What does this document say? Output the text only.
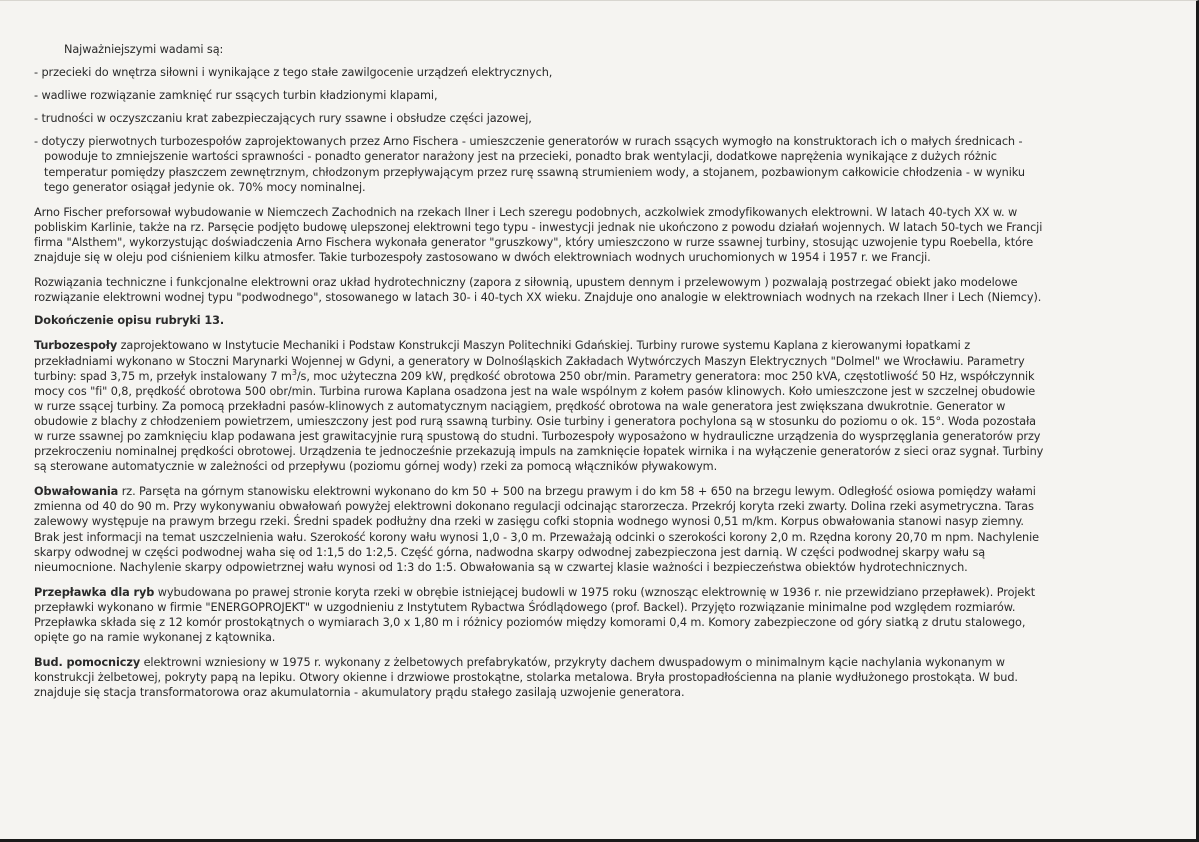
Najważniejszymi wadami są:
- przecieki do wnętrza siłowni i wynikające z tego stałe zawilgocenie urządzeń elektrycznych,
- wadliwe rozwiązanie zamknięć rur ssących turbin kładzionymi klapami,
- trudności w oczyszczaniu krat zabezpieczających rury ssawne i obsłudze części jazowej,
- dotyczy pierwotnych turbozespołów zaprojektowanych przez Arno Fischera - umieszczenie generatorów w rurach ssących wymogło na konstruktorach ich o małych średnicach -
powoduje to zmniejszenie wartości sprawności - ponadto generator narażony jest na przecieki, ponadto brak wentylacji, dodatkowe naprężenia wynikające z dużych różnic
temperatur pomiędzy płaszczem zewnętrznym, chłodzonym przepływającym przez rurę ssawną strumieniem wody, a stojanem, pozbawionym całkowicie chłodzenia - w wyniku
tego generator osiągał jedynie ok. 70% mocy nominalnej.
Arno Fischer preforsował wybudowanie w Niemczech Zachodnich na rzekach Ilner i Lech szeregu podobnych, aczkolwiek zmodyfikowanych elektrowni. W latach 40-tych XX w. w
pobliskim Karlinie, także na rz. Parsęcie podjęto budowę ulepszonej elektrowni tego typu - inwestycji jednak nie ukończono z powodu działań wojennych. W latach 50-tych we Francji
firma "Alsthem", wykorzystując doświadczenia Arno Fischera wykonała generator "gruszkowy", który umieszczono w rurze ssawnej turbiny, stosując uzwojenie typu Roebella, które
znajduje się w oleju pod ciśnieniem kilku atmosfer. Takie turbozespoły zastosowano w dwóch elektrowniach wodnych uruchomionych w 1954 i 1957 r. we Francji.
Rozwiązania techniczne i funkcjonalne elektrowni oraz układ hydrotechniczny (zapora z siłownią, upustem dennym i przelewowym ) pozwalają postrzegać obiekt jako modelowe
rozwiązanie elektrowni wodnej typu "podwodnego", stosowanego w latach 30- i 40-tych XX wieku. Znajduje ono analogie w elektrowniach wodnych na rzekach Ilner i Lech (Niemcy).
Dokończenie opisu rubryki 13.
Turbozespoły zaprojektowano w Instytucie Mechaniki i Podstaw Konstrukcji Maszyn Politechniki Gdańskiej. Turbiny rurowe systemu Kaplana z kierowanymi łopatkami z
przekładniami wykonano w Stoczni Marynarki Wojennej w Gdyni, a generatory w Dolnośląskich Zakładach Wytwórczych Maszyn Elektrycznych "Dolmel" we Wrocławiu. Parametry
turbiny: spad 3,75 m, przełyk instalowany 7 $m^3/s$, moc użyteczna 209 kW, prędkość obrotowa 250 obr/min. Parametry generatora: moc 250 kVA, częstotliwość 50 Hz, współczynnik
mocy cos "fi" 0,8, prędkość obrotowa 500 obr/min. Turbina rurowa Kaplana osadzona jest na wale wspólnym z kołem pasów klinowych. Koło umieszczone jest w szczelnej obudowie
w rurze ssącej turbiny. Za pomocą przekładni pasów-klinowych z automatycznym naciągiem, prędkość obrotowa na wale generatora jest zwiększana dwukrotnie. Generator w
obudowie z blachy z chłodzeniem powietrzem, umieszczony jest pod rurą ssawną turbiny. Osie turbiny i generatora pochylona są w stosunku do poziomu o ok. 15°. Woda pozostała
w rurze ssawnej po zamknięciu klap podawana jest grawitacyjnie rurą spustową do studni. Turbozespoły wyposażono w hydrauliczne urządzenia do wysprzęglania generatorów przy
przekroczeniu nominalnej prędkości obrotowej. Urządzenia te jednocześnie przekazują impuls na zamknięcie łopatek wirnika i na wyłączenie generatorów z sieci oraz sygnał. Turbiny
są sterowane automatycznie w zależności od przepływu (poziomu górnej wody) rzeki za pomocą włączników pływakowym.
Obwałowania rz. Parsęta na górnym stanowisku elektrowni wykonano do km 50 + 500 na brzegu prawym i do km 58 + 650 na brzegu lewym. Odległość osiowa pomiędzy wałami
zmienna od 40 do 90 m. Przy wykonywaniu obwałowań powyżej elektrowni dokonano regulacji odcinając starorzecza. Przekrój koryta rzeki zwarty. Dolina rzeki asymetryczna. Taras
zalewowy występuje na prawym brzegu rzeki. Średni spadek podłużny dna rzeki w zasięgu cofki stopnia wodnego wynosi 0,51 m/km. Korpus obwałowania stanowi nasyp ziemny.
Brak jest informacji na temat uszczelnienia wału. Szerokość korony wału wynosi 1,0 - 3,0 m. Przeważają odcinki o szerokości korony 2,0 m. Rzędna korony 20,70 m npm. Nachylenie
skarpy odwodnej w części podwodnej waha się od 1:1,5 do 1:2,5. Część górna, nadwodna skarpy odwodnej zabezpieczona jest darnią. W części podwodnej skarpy wału są
nieumocnione. Nachylenie skarpy odpowietrznej wału wynosi od 1:3 do 1:5. Obwałowania są w czwartej klasie ważności i bezpieczeństwa obiektów hydrotechnicznych.
Przepławka dla ryb wybudowana po prawej stronie koryta rzeki w obrębie istniejącej budowli w 1975 roku (wznosząc elektrownię w 1936 r. nie przewidziano przepławek). Projekt
przepławki wykonano w firmie "ENERGOPROJEKT" w uzgodnieniu z Instytutem Rybactwa Śródlądowego (prof. Backel). Przyjęto rozwiązanie minimalne pod względem rozmiarów.
Przepławka składa się z 12 komór prostokątnych o wymiarach 3,0 x 1,80 m i różnicy poziomów między komorami 0,4 m. Komory zabezpieczone od góry siatką z drutu stalowego,
opięte go na ramie wykonanej z kątownika.
Bud. pomocniczy elektrowni wzniesiony w 1975 r. wykonany z żelbetowych prefabrykatów, przykryty dachem dwuspadowym o minimalnym kącie nachylania wykonanym w
konstrukcji żelbetowej, pokryty papą na lepiku. Otwory okienne i drzwiowe prostokątne, stolarka metalowa. Bryła prostopadłościenna na planie wydłużonego prostokąta. W bud.
znajduje się stacja transformatorowa oraz akumulatornia - akumulatory prądu stałego zasilają uzwojenie generatora.
